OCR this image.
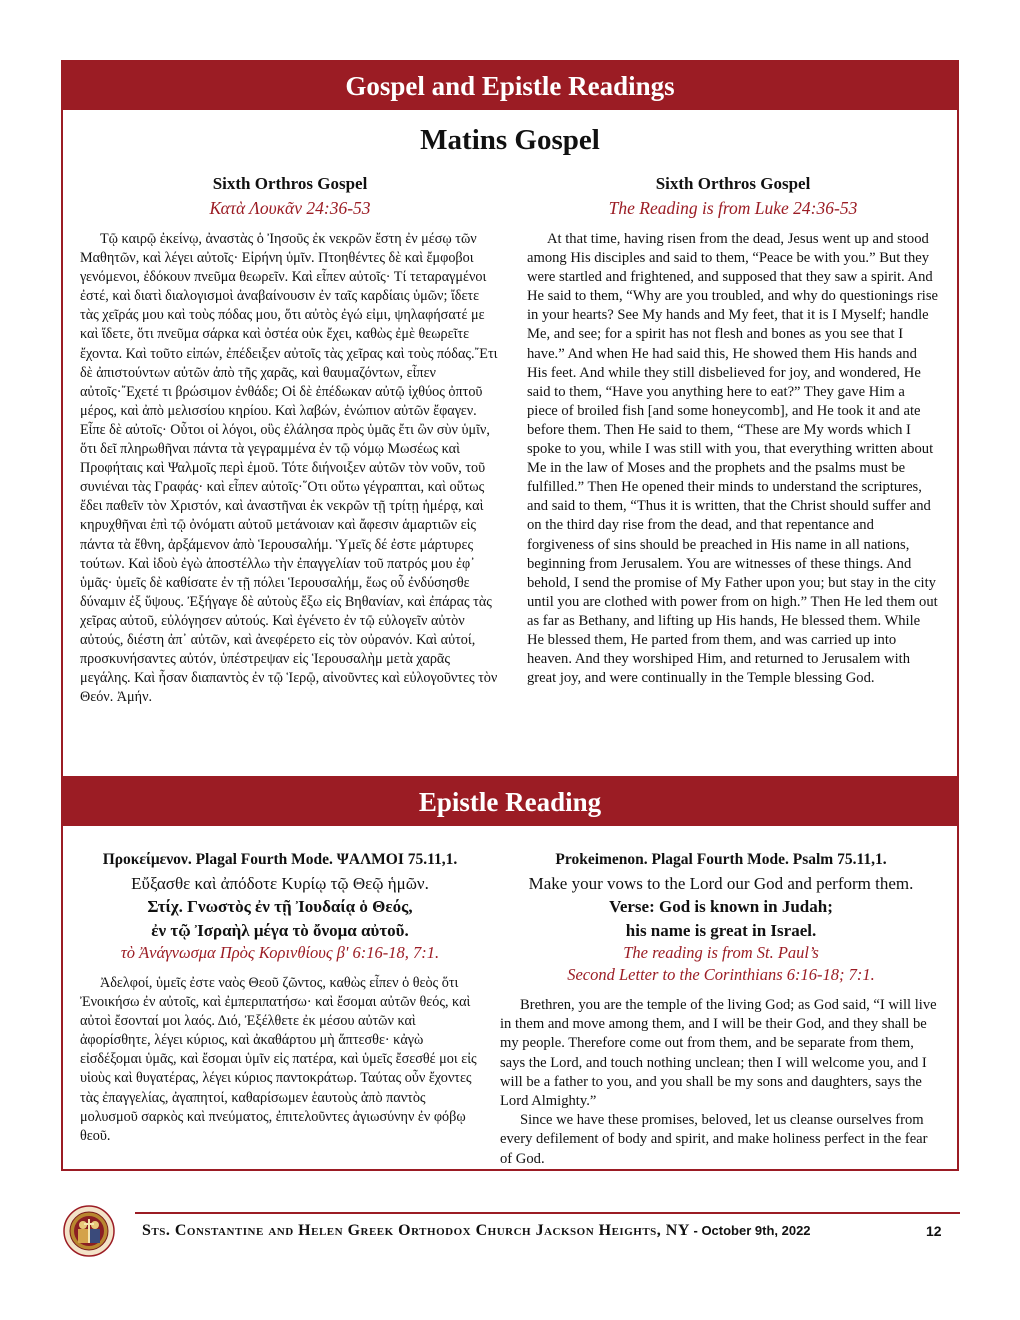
Gospel and Epistle Readings
Matins Gospel
Sixth Orthros Gospel
Κατὰ Λουκᾶν 24:36-53

Τῷ καιρῷ ἐκείνῳ, ἀναστὰς ὁ Ἰησοῦς ἐκ νεκρῶν ἔστη ἐν μέσῳ τῶν Μαθητῶν, καὶ λέγει αὐτοῖς· Εἰρήνη ὑμῖν. Πτοηθέντες δὲ καὶ ἔμφοβοι γενόμενοι, ἐδόκουν πνεῦμα θεωρεῖν. Καὶ εἶπεν αὐτοῖς· Τί τεταραγμένοι ἐστέ, καὶ διατὶ διαλογισμοὶ ἀναβαίνουσιν ἐν ταῖς καρδίαις ὑμῶν; ἴδετε τὰς χεῖράς μου καὶ τοὺς πόδας μου, ὅτι αὐτὸς ἐγώ εἰμι, ψηλαφήσατέ με καὶ ἴδετε, ὅτι πνεῦμα σάρκα καὶ ὀστέα οὐκ ἔχει, καθὼς ἐμὲ θεωρεῖτε ἔχοντα. Καὶ τοῦτο εἰπών, ἐπέδειξεν αὐτοῖς τὰς χεῖρας καὶ τοὺς πόδας.῎Ετι δὲ ἀπιστούντων αὐτῶν ἀπὸ τῆς χαρᾶς, καὶ θαυμαζόντων, εἶπεν αὐτοῖς·῎Εχετέ τι βρώσιμον ἐνθάδε; Οἱ δὲ ἐπέδωκαν αὐτῷ ἰχθύος ὀπτοῦ μέρος, καὶ ἀπὸ μελισσίου κηρίου. Καὶ λαβών, ἐνώπιον αὐτῶν ἔφαγεν. Εἶπε δὲ αὐτοῖς· Οὗτοι οἱ λόγοι, οὓς ἐλάλησα πρὸς ὑμᾶς ἔτι ὢν σὺν ὑμῖν, ὅτι δεῖ πληρωθῆναι πάντα τὰ γεγραμμένα ἐν τῷ νόμῳ Μωσέως καὶ Προφήταις καὶ Ψαλμοῖς περὶ ἐμοῦ. Τότε διήνοιξεν αὐτῶν τὸν νοῦν, τοῦ συνιέναι τὰς Γραφάς· καὶ εἶπεν αὐτοῖς·῞Οτι οὕτω γέγραπται, καὶ οὕτως ἔδει παθεῖν τὸν Χριστόν, καὶ ἀναστῆναι ἐκ νεκρῶν τῇ τρίτῃ ἡμέρᾳ, καὶ κηρυχθῆναι ἐπὶ τῷ ὀνόματι αὐτοῦ μετάνοιαν καὶ ἄφεσιν ἁμαρτιῶν εἰς πάντα τὰ ἔθνη, ἀρξάμενον ἀπὸ Ἱερουσαλήμ. Ὑμεῖς δέ ἐστε μάρτυρες τούτων. Καὶ ἰδοὺ ἐγὼ ἀποστέλλω τὴν ἐπαγγελίαν τοῦ πατρός μου ἐφ᾽ ὑμᾶς· ὑμεῖς δὲ καθίσατε ἐν τῇ πόλει Ἱερουσαλήμ, ἕως οὗ ἐνδύσησθε δύναμιν ἐξ ὕψους. Ἐξήγαγε δὲ αὐτοὺς ἔξω εἰς Βηθανίαν, καὶ ἐπάρας τὰς χεῖρας αὐτοῦ, εὐλόγησεν αὐτούς. Καὶ ἐγένετο ἐν τῷ εὐλογεῖν αὐτὸν αὐτούς, διέστη ἀπ᾽ αὐτῶν, καὶ ἀνεφέρετο εἰς τὸν οὐρανόν. Καὶ αὐτοί, προσκυνήσαντες αὐτόν, ὑπέστρεψαν εἰς Ἱερουσαλὴμ μετὰ χαρᾶς μεγάλης. Καὶ ἦσαν διαπαντὸς ἐν τῷ Ἱερῷ, αἰνοῦντες καὶ εὐλογοῦντες τὸν Θεόν. Ἀμήν.

Sixth Orthros Gospel
The Reading is from Luke 24:36-53

At that time, having risen from the dead, Jesus went up and stood among His disciples and said to them, “Peace be with you.” But they were startled and frightened, and supposed that they saw a spirit. And He said to them, “Why are you troubled, and why do questionings rise in your hearts? See My hands and My feet, that it is I Myself; handle Me, and see; for a spirit has not flesh and bones as you see that I have.” And when He had said this, He showed them His hands and His feet. And while they still disbelieved for joy, and wondered, He said to them, “Have you anything here to eat?” They gave Him a piece of broiled fish [and some honeycomb], and He took it and ate before them. Then He said to them, “These are My words which I spoke to you, while I was still with you, that everything written about Me in the law of Moses and the prophets and the psalms must be fulfilled.” Then He opened their minds to understand the scriptures, and said to them, “Thus it is written, that the Christ should suffer and on the third day rise from the dead, and that repentance and forgiveness of sins should be preached in His name in all nations, beginning from Jerusalem. You are witnesses of these things. And behold, I send the promise of My Father upon you; but stay in the city until you are clothed with power from on high.” Then He led them out as far as Bethany, and lifting up His hands, He blessed them. While He blessed them, He parted from them, and was carried up into heaven. And they worshiped Him, and returned to Jerusalem with great joy, and were continually in the Temple blessing God.

Epistle Reading
Προκείμενον. Plagal Fourth Mode. ΨΑΛΜΟΙ 75.11,1.
Εὔξασθε καὶ ἀπόδοτε Κυρίῳ τῷ Θεῷ ἡμῶν.
Στίχ. Γνωστὸς ἐν τῇ Ἰουδαίᾳ ὁ Θεός,
ἐν τῷ Ἰσραὴλ μέγα τὸ ὄνομα αὐτοῦ.
τὸ Ἀνάγνωσμα Πρὸς Κορινθίους β' 6:16-18, 7:1.

Ἀδελφοί, ὑμεῖς ἐστε ναὸς Θεοῦ ζῶντος, καθὼς εἶπεν ὁ θεὸς ὅτι Ἐνοικήσω ἐν αὐτοῖς, καὶ ἐμπεριπατήσω· καὶ ἔσομαι αὐτῶν θεός, καὶ αὐτοὶ ἔσονταί μοι λαός. Διό, Ἐξέλθετε ἐκ μέσου αὐτῶν καὶ ἀφορίσθητε, λέγει κύριος, καὶ ἀκαθάρτου μὴ ἅπτεσθε· κἀγὼ εἰσδέξομαι ὑμᾶς, καὶ ἔσομαι ὑμῖν εἰς πατέρα, καὶ ὑμεῖς ἔσεσθέ μοι εἰς υἱοὺς καὶ θυγατέρας, λέγει κύριος παντοκράτωρ. Ταύτας οὖν ἔχοντες τὰς ἐπαγγελίας, ἀγαπητοί, καθαρίσωμεν ἑαυτοὺς ἀπὸ παντὸς μολυσμοῦ σαρκὸς καὶ πνεύματος, ἐπιτελοῦντες ἁγιωσύνην ἐν φόβῳ θεοῦ.

Prokeimenon. Plagal Fourth Mode. Psalm 75.11,1.
Make your vows to the Lord our God and perform them.
Verse: God is known in Judah;
his name is great in Israel.
The reading is from St. Paul’s
Second Letter to the Corinthians 6:16-18; 7:1.

Brethren, you are the temple of the living God; as God said, “I will live in them and move among them, and I will be their God, and they shall be my people. Therefore come out from them, and be separate from them, says the Lord, and touch nothing unclean; then I will welcome you, and I will be a father to you, and you shall be my sons and daughters, says the Lord Almighty.”

Since we have these promises, beloved, let us cleanse ourselves from every defilement of body and spirit, and make holiness perfect in the fear of God.

Sts. Constantine and Helen Greek Orthodox Church Jackson Heights, NY - October 9th, 2022	12
